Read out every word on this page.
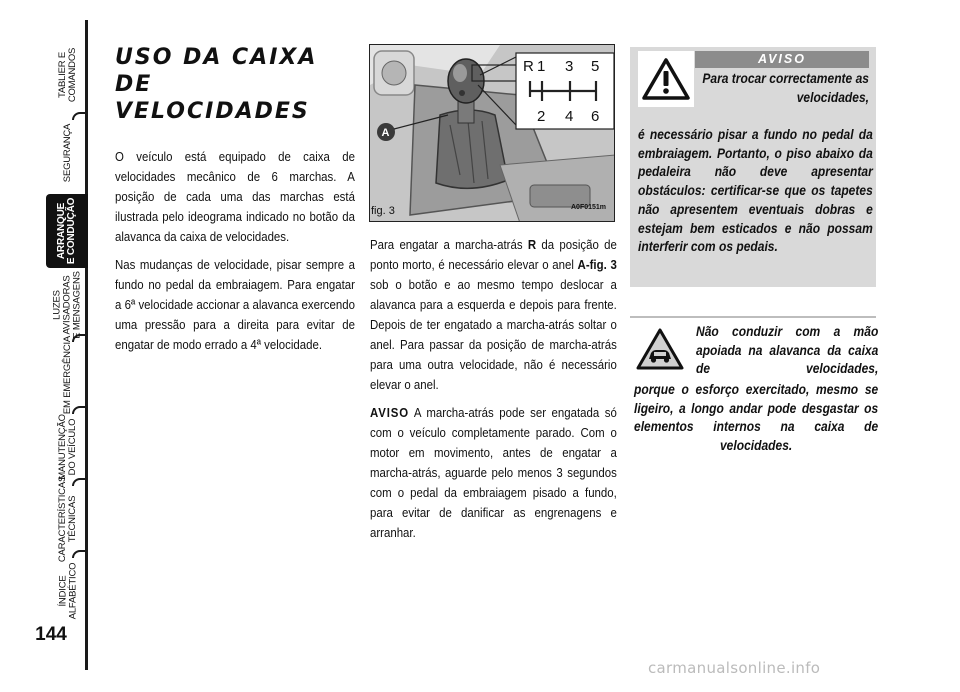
TABLIER E
COMANDOS
SEGURANÇA
ARRANQUE
E CONDUÇÃO
LUZES
AVISADORAS
E MENSAGENS
EM EMERGÊNCIA
MANUTENÇÃO
DO VEÍCULO
CARACTERÍSTICAS
TÉCNICAS
ÍNDICE
ALFABÉTICO
144
USO DA CAIXA DE
VELOCIDADES

O veículo está equipado de caixa de velocidades mecânico de 6 marchas. A posição de cada uma das marchas está ilustrada pelo ideograma indicado no botão da alavanca da caixa de velocidades.

Nas mudanças de velocidade, pisar sempre a fundo no pedal da embraiagem. Para engatar a 6ª velocidade accionar a alavanca exercendo uma pressão para a direita para evitar de engatar de modo errado a 4ª velocidade.

R 1 3 5
2 4 6
A
fig. 3	A0F0151m

Para engatar a marcha-atrás R da posição de ponto morto, é necessário elevar o anel A-fig. 3 sob o botão e ao mesmo tempo deslocar a alavanca para a esquerda e depois para frente. Depois de ter engatado a marcha-atrás soltar o anel. Para passar da posição de marcha-atrás para uma outra velocidade, não é necessário elevar o anel.

AVISO A marcha-atrás pode ser engatada só com o veículo completamente parado. Com o motor em movimento, antes de engatar a marcha-atrás, aguarde pelo menos 3 segundos com o pedal da embraiagem pisado a fundo, para evitar de danificar as engrenagens e arranhar.

AVISO

Para trocar correctamente as velocidades,

é necessário pisar a fundo no pedal da embraiagem. Portanto, o piso abaixo da pedaleira não deve apresentar obstáculos: certificar-se que os tapetes não apresentem eventuais dobras e estejam bem esticados e não possam interferir com os pedais.

Não conduzir com a mão apoiada na alavanca da caixa de velocidades,

porque o esforço exercitado, mesmo se ligeiro, a longo andar pode desgastar os elementos internos na caixa de velocidades.

carmanualsonline.info
